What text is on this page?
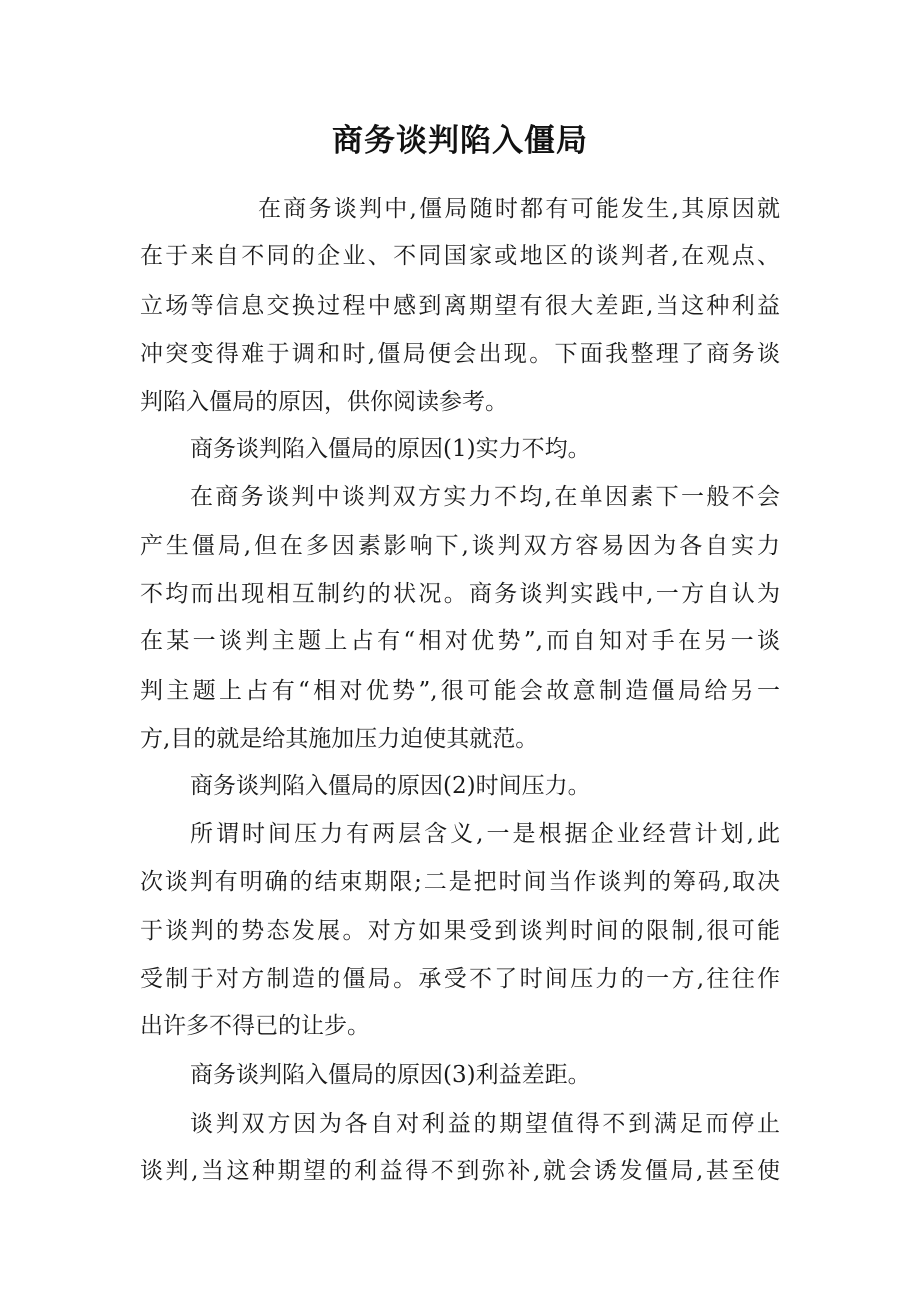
商务谈判陷入僵局
在商务谈判中,僵局随时都有可能发生,其原因就
在于来自不同的企业、不同国家或地区的谈判者,在观点、
立场等信息交换过程中感到离期望有很大差距,当这种利益
冲突变得难于调和时,僵局便会出现。下面我整理了商务谈
判陷入僵局的原因，供你阅读参考。
商务谈判陷入僵局的原因(1)实力不均。
在商务谈判中谈判双方实力不均,在单因素下一般不会
产生僵局,但在多因素影响下,谈判双方容易因为各自实力
不均而出现相互制约的状况。商务谈判实践中,一方自认为
在某一谈判主题上占有“相对优势”,而自知对手在另一谈
判主题上占有“相对优势”,很可能会故意制造僵局给另一
方,目的就是给其施加压力迫使其就范。
商务谈判陷入僵局的原因(2)时间压力。
所谓时间压力有两层含义,一是根据企业经营计划,此
次谈判有明确的结束期限;二是把时间当作谈判的筹码,取决
于谈判的势态发展。对方如果受到谈判时间的限制,很可能
受制于对方制造的僵局。承受不了时间压力的一方,往往作
出许多不得已的让步。
商务谈判陷入僵局的原因(3)利益差距。
谈判双方因为各自对利益的期望值得不到满足而停止
谈判,当这种期望的利益得不到弥补,就会诱发僵局,甚至使
